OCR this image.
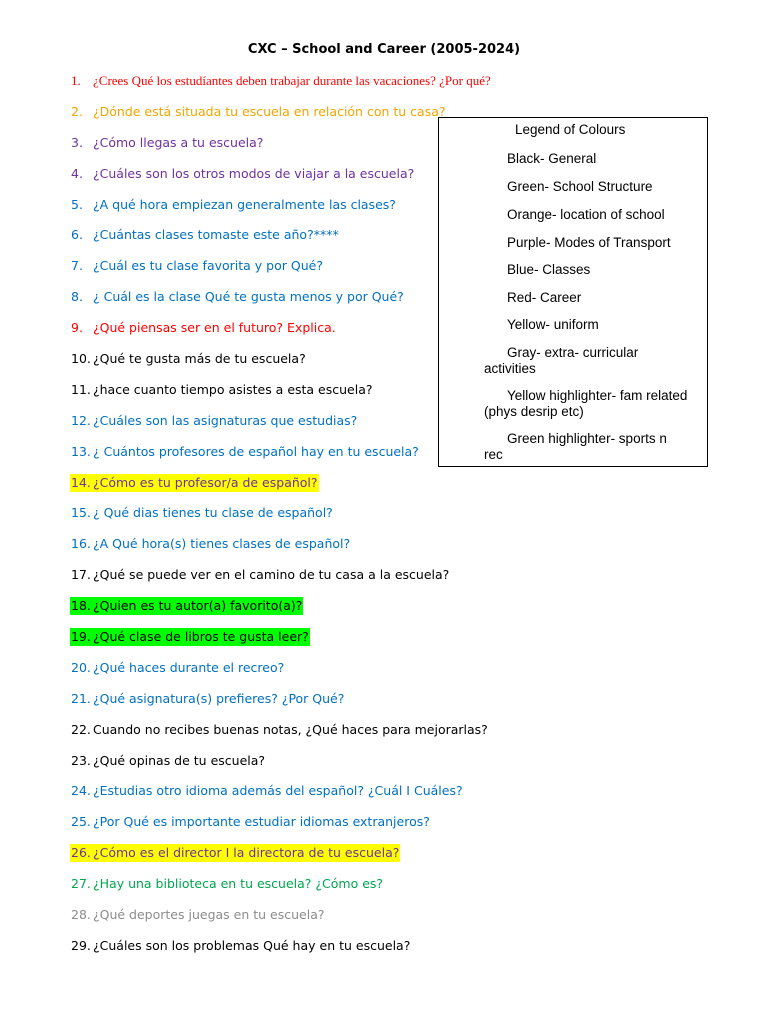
CXC – School and Career (2005-2024)
1. ¿Crees Qué los estudíantes deben trabajar durante las vacaciones? ¿Por qué?
2. ¿Dónde está situada tu escuela en relación con tu casa?
3. ¿Cómo llegas a tu escuela?
4. ¿Cuáles son los otros modos de viajar a la escuela?
5. ¿A qué hora empiezan generalmente las clases?
6. ¿Cuántas clases tomaste este año?****
7. ¿Cuál es tu clase favorita y por Qué?
8. ¿ Cuál es la clase Qué te gusta menos y por Qué?
9. ¿Qué piensas ser en el futuro? Explica.
10. ¿Qué te gusta más de tu escuela?
11. ¿hace cuanto tiempo asistes a esta escuela?
12. ¿Cuáles son las asignaturas que estudias?
13. ¿ Cuántos profesores de español hay en tu escuela?
14. ¿Cómo es tu profesor/a de español?
15. ¿ Qué dias tienes tu clase de español?
16. ¿A Qué hora(s) tienes clases de español?
17. ¿Qué se puede ver en el camino de tu casa a la escuela?
18. ¿Quien es tu autor(a) favorito(a)?
19. ¿Qué clase de libros te gusta leer?
20. ¿Qué haces durante el recreo?
21. ¿Qué asignatura(s) prefieres? ¿Por Qué?
22. Cuando no recibes buenas notas, ¿Qué haces para mejorarlas?
23. ¿Qué opinas de tu escuela?
24. ¿Estudias otro idioma además del español? ¿Cuál I Cuáles?
25. ¿Por Qué es importante estudiar idiomas extranjeros?
26. ¿Cómo es el director I la directora de tu escuela?
27. ¿Hay una biblioteca en tu escuela? ¿Cómo es?
28. ¿Qué deportes juegas en tu escuela?
29. ¿Cuáles son los problemas Qué hay en tu escuela?
Legend of Colours
Black- General
Green- School Structure
Orange- location of school
Purple- Modes of Transport
Blue- Classes
Red- Career
Yellow- uniform
Gray- extra- curricular
activities
Yellow highlighter- fam related
(phys desrip etc)
Green highlighter- sports n
rec
